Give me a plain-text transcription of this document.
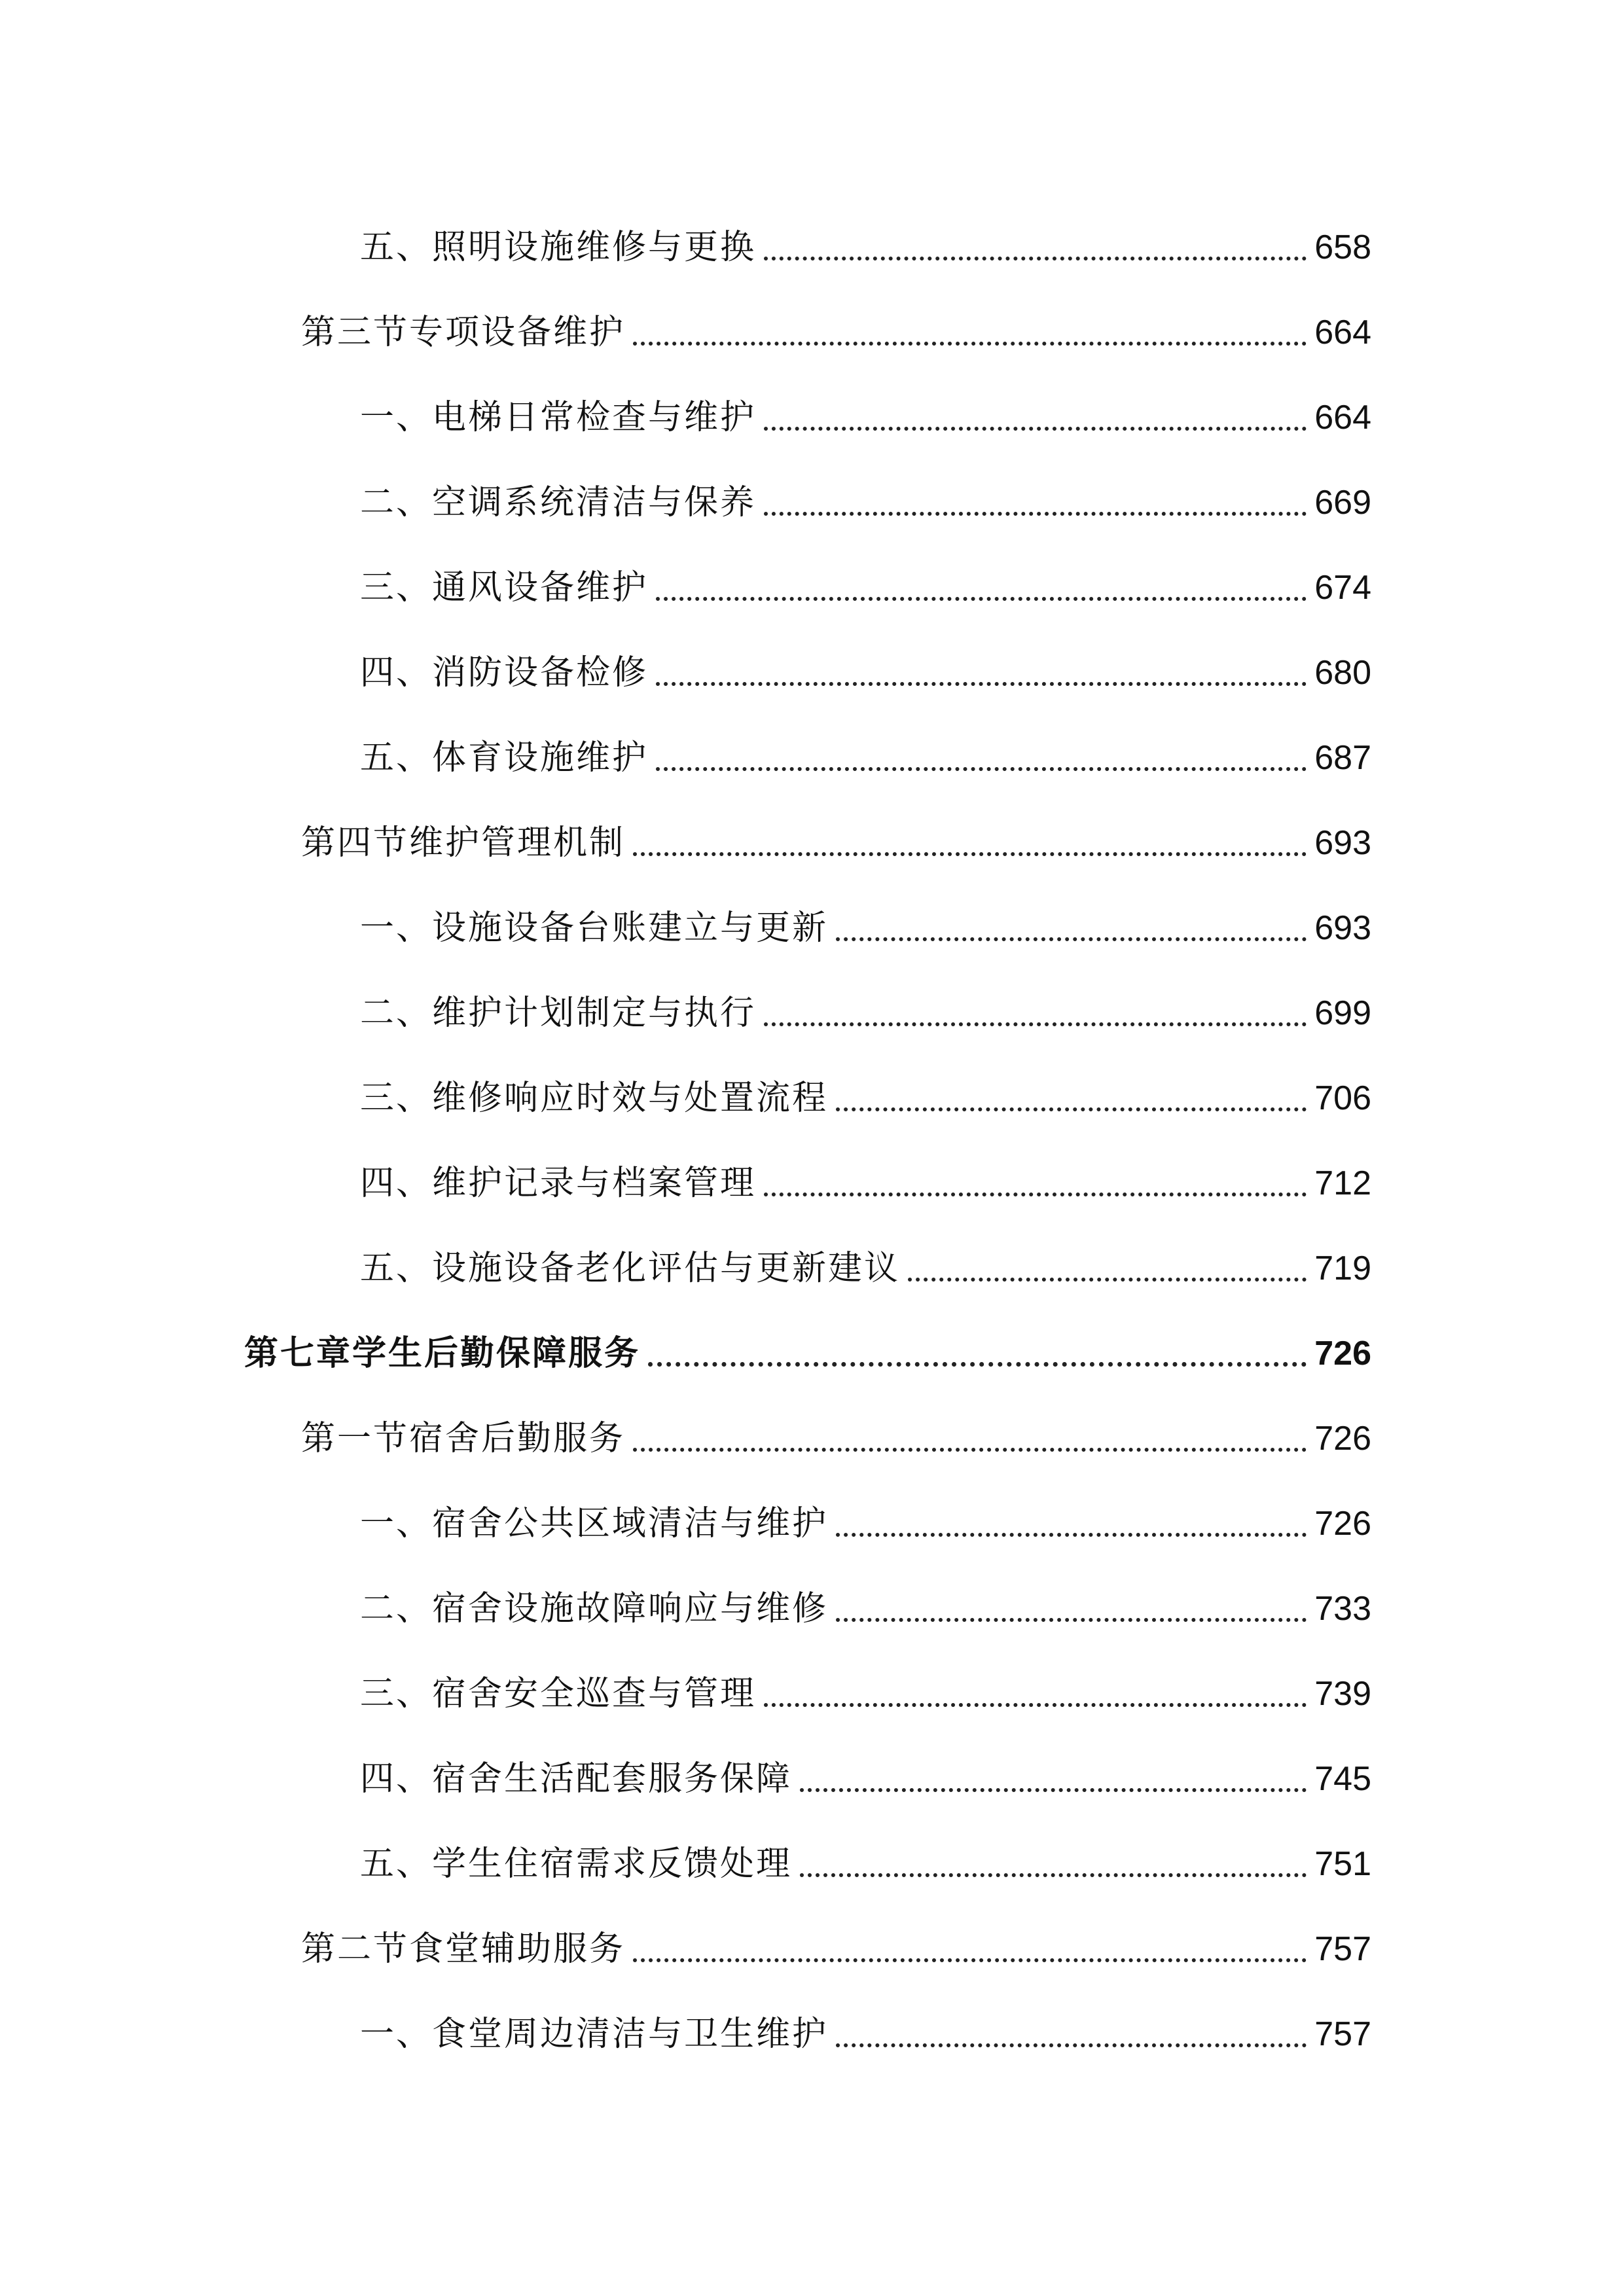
五、照明设施维修与更换	658
第三节专项设备维护	664
一、电梯日常检查与维护	664
二、空调系统清洁与保养	669
三、通风设备维护	674
四、消防设备检修	680
五、体育设施维护	687
第四节维护管理机制	693
一、设施设备台账建立与更新	693
二、维护计划制定与执行	699
三、维修响应时效与处置流程	706
四、维护记录与档案管理	712
五、设施设备老化评估与更新建议	719
第七章学生后勤保障服务	726
第一节宿舍后勤服务	726
一、宿舍公共区域清洁与维护	726
二、宿舍设施故障响应与维修	733
三、宿舍安全巡查与管理	739
四、宿舍生活配套服务保障	745
五、学生住宿需求反馈处理	751
第二节食堂辅助服务	757
一、食堂周边清洁与卫生维护	757
